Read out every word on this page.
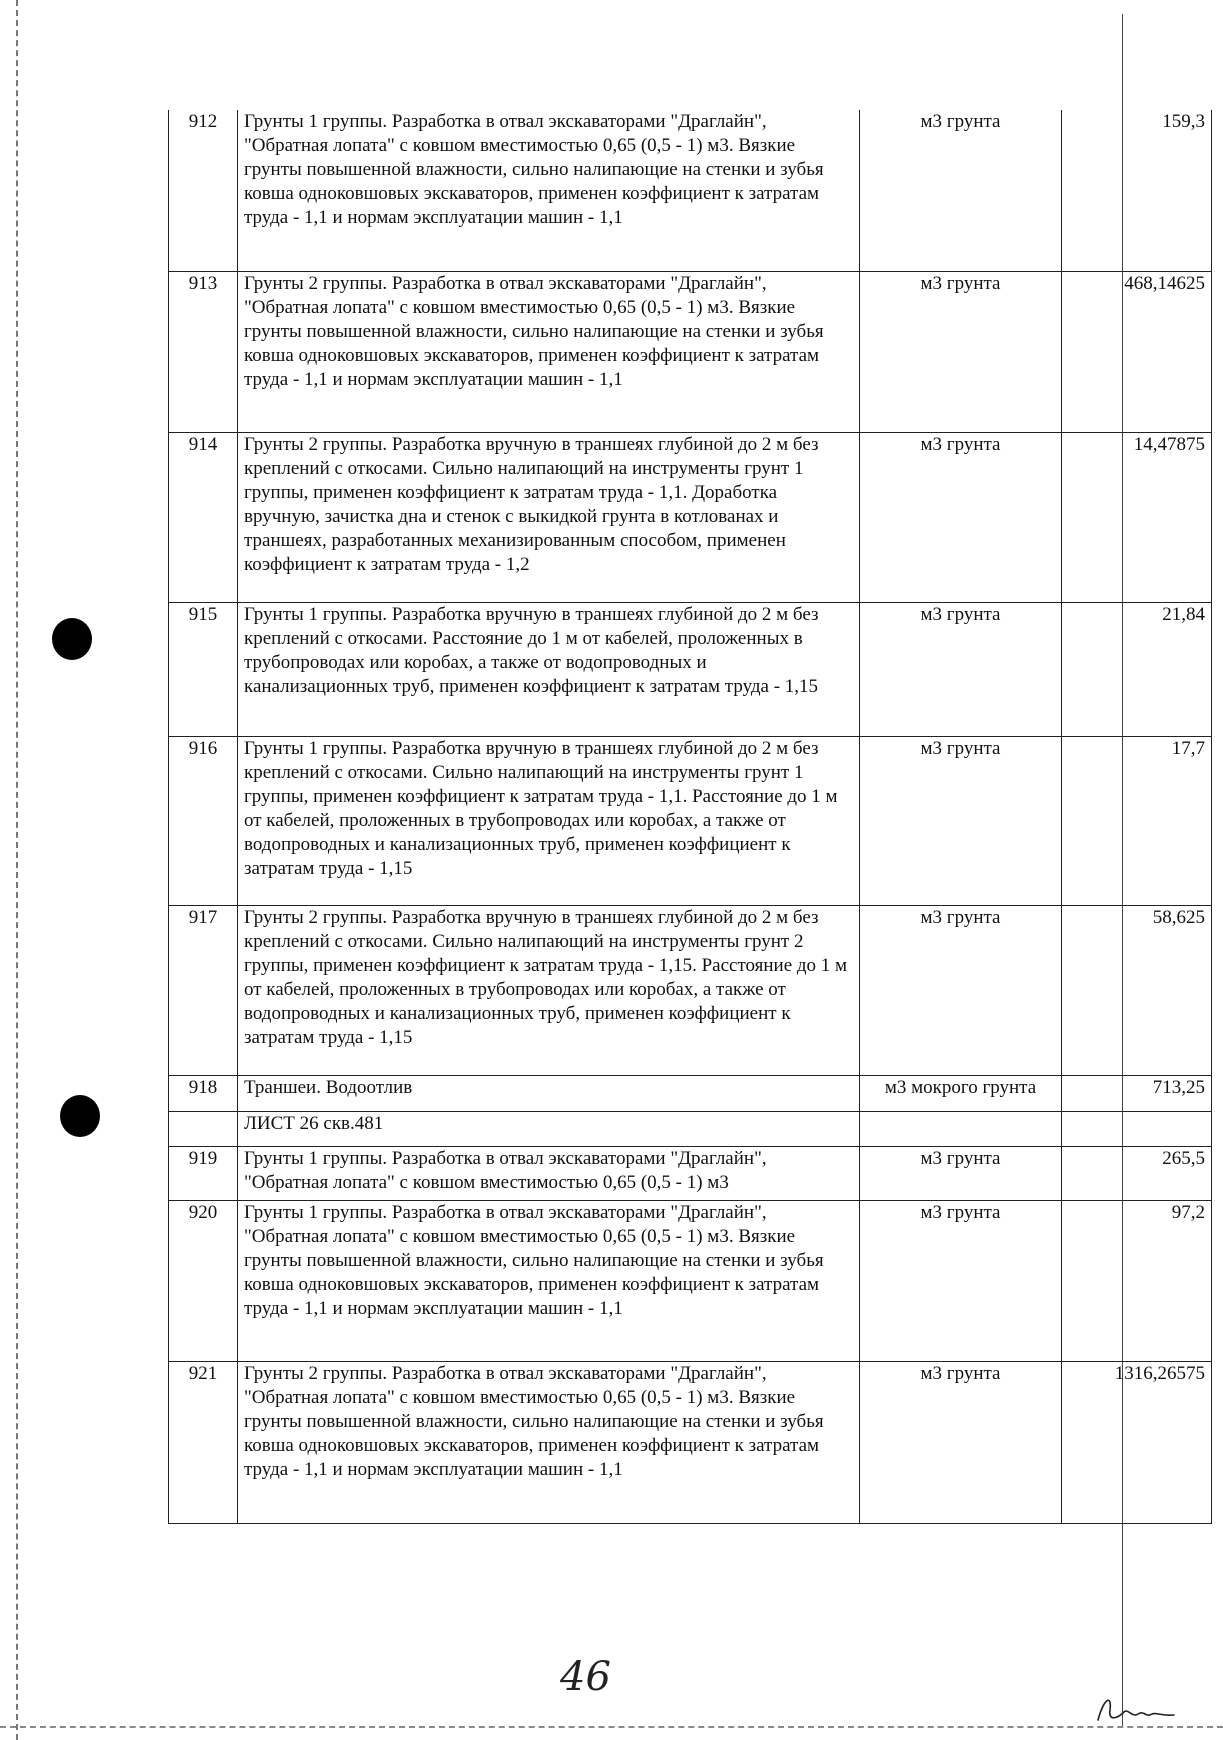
912	Грунты 1 группы. Разработка в отвал экскаваторами "Драглайн", "Обратная лопата" с ковшом вместимостью 0,65 (0,5 - 1) м3. Вязкие грунты повышенной влажности, сильно налипающие на стенки и зубья ковша одноковшовых экскаваторов, применен коэффициент к затратам труда - 1,1 и нормам эксплуатации машин - 1,1	м3 грунта	159,3
913	Грунты 2 группы. Разработка в отвал экскаваторами "Драглайн", "Обратная лопата" с ковшом вместимостью 0,65 (0,5 - 1) м3. Вязкие грунты повышенной влажности, сильно налипающие на стенки и зубья ковша одноковшовых экскаваторов, применен коэффициент к затратам труда - 1,1 и нормам эксплуатации машин - 1,1	м3 грунта	468,14625
914	Грунты 2 группы. Разработка вручную в траншеях глубиной до 2 м без креплений с откосами. Сильно налипающий на инструменты грунт 1 группы, применен коэффициент к затратам труда - 1,1. Доработка вручную, зачистка дна и стенок с выкидкой грунта в котлованах и траншеях, разработанных механизированным способом, применен коэффициент к затратам труда - 1,2	м3 грунта	14,47875
915	Грунты 1 группы. Разработка вручную в траншеях глубиной до 2 м без креплений с откосами. Расстояние до 1 м от кабелей, проложенных в трубопроводах или коробах, а также от водопроводных и канализационных труб, применен коэффициент к затратам труда - 1,15	м3 грунта	21,84
916	Грунты 1 группы. Разработка вручную в траншеях глубиной до 2 м без креплений с откосами. Сильно налипающий на инструменты грунт 1 группы, применен коэффициент к затратам труда - 1,1. Расстояние до 1 м от кабелей, проложенных в трубопроводах или коробах, а также от водопроводных и канализационных труб, применен коэффициент к затратам труда - 1,15	м3 грунта	17,7
917	Грунты 2 группы. Разработка вручную в траншеях глубиной до 2 м без креплений с откосами. Сильно налипающий на инструменты грунт 2 группы, применен коэффициент к затратам труда - 1,15. Расстояние до 1 м от кабелей, проложенных в трубопроводах или коробах, а также от водопроводных и канализационных труб, применен коэффициент к затратам труда - 1,15	м3 грунта	58,625
918	Траншеи. Водоотлив	м3 мокрого грунта	713,25
	ЛИСТ 26 скв.481		
919	Грунты 1 группы. Разработка в отвал экскаваторами "Драглайн", "Обратная лопата" с ковшом вместимостью 0,65 (0,5 - 1) м3	м3 грунта	265,5
920	Грунты 1 группы. Разработка в отвал экскаваторами "Драглайн", "Обратная лопата" с ковшом вместимостью 0,65 (0,5 - 1) м3. Вязкие грунты повышенной влажности, сильно налипающие на стенки и зубья ковша одноковшовых экскаваторов, применен коэффициент к затратам труда - 1,1 и нормам эксплуатации машин - 1,1	м3 грунта	97,2
921	Грунты 2 группы. Разработка в отвал экскаваторами "Драглайн", "Обратная лопата" с ковшом вместимостью 0,65 (0,5 - 1) м3. Вязкие грунты повышенной влажности, сильно налипающие на стенки и зубья ковша одноковшовых экскаваторов, применен коэффициент к затратам труда - 1,1 и нормам эксплуатации машин - 1,1	м3 грунта	1316,26575
46
